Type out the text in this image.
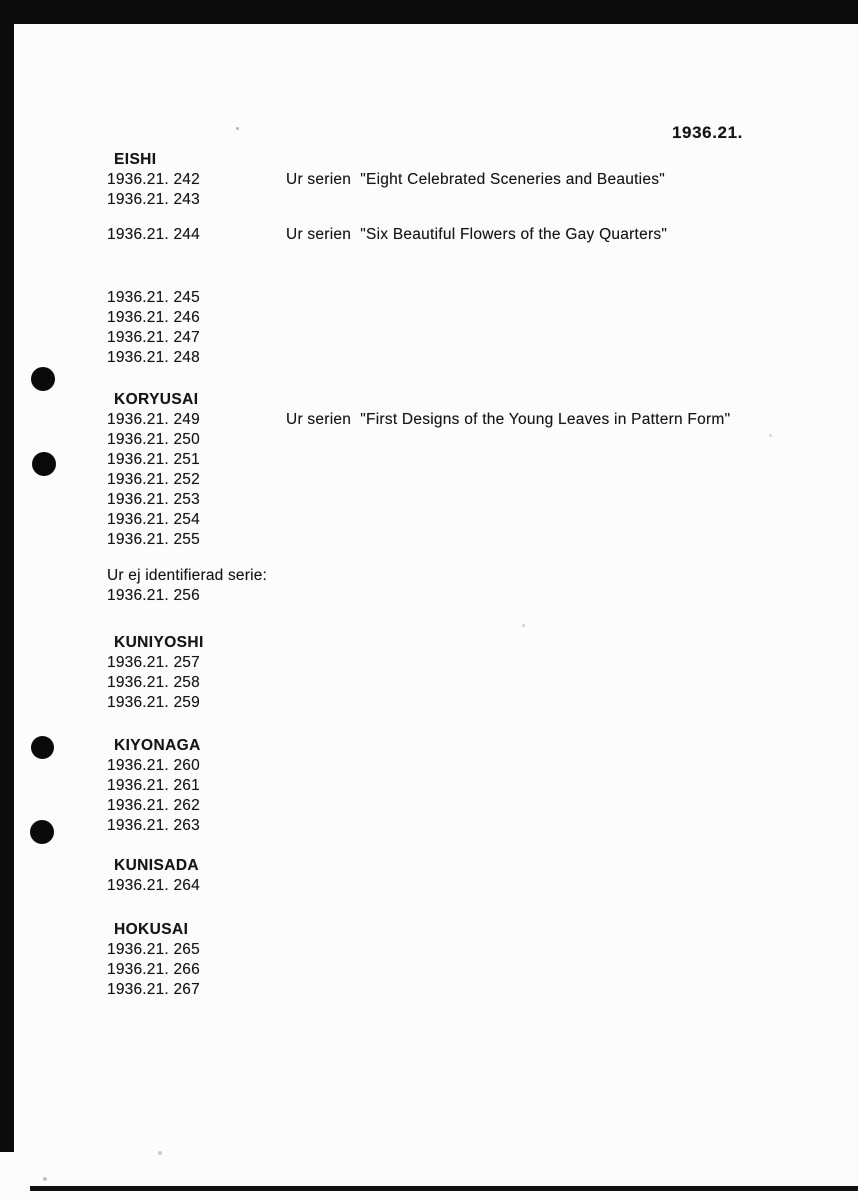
1936.21.
EISHI
1936.21. 242	Ur serien  "Eight Celebrated Sceneries and Beauties"
1936.21. 243
1936.21. 244	Ur serien  "Six Beautiful Flowers of the Gay Quarters"
1936.21. 245
1936.21. 246
1936.21. 247
1936.21. 248
KORYUSAI
1936.21. 249	Ur serien  "First Designs of the Young Leaves in Pattern Form"
1936.21. 250
1936.21. 251
1936.21. 252
1936.21. 253
1936.21. 254
1936.21. 255
Ur ej identifierad serie:
1936.21. 256
KUNIYOSHI
1936.21. 257
1936.21. 258
1936.21. 259
KIYONAGA
1936.21. 260
1936.21. 261
1936.21. 262
1936.21. 263
KUNISADA
1936.21. 264
HOKUSAI
1936.21. 265
1936.21. 266
1936.21. 267
